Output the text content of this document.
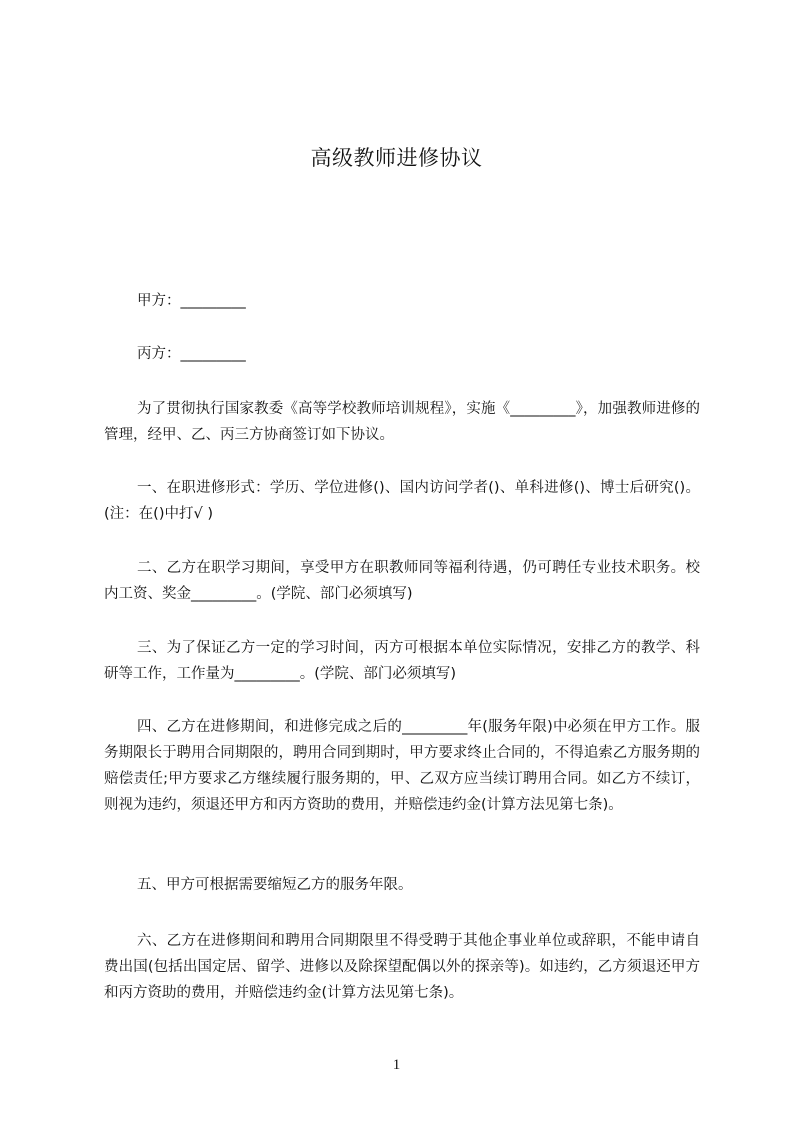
高级教师进修协议
甲方：_________
丙方：_________
为了贯彻执行国家教委《高等学校教师培训规程》，实施《_________》，加强教师进修的管理，经甲、乙、丙三方协商签订如下协议。
一、在职进修形式：学历、学位进修()、国内访问学者()、单科进修()、博士后研究()。(注：在()中打√ )
二、乙方在职学习期间，享受甲方在职教师同等福利待遇，仍可聘任专业技术职务。校内工资、奖金_________。(学院、部门必须填写)
三、为了保证乙方一定的学习时间，丙方可根据本单位实际情况，安排乙方的教学、科研等工作，工作量为_________。(学院、部门必须填写)
四、乙方在进修期间，和进修完成之后的_________年(服务年限)中必须在甲方工作。服务期限长于聘用合同期限的，聘用合同到期时，甲方要求终止合同的，不得追索乙方服务期的赔偿责任;甲方要求乙方继续履行服务期的，甲、乙双方应当续订聘用合同。如乙方不续订，则视为违约，须退还甲方和丙方资助的费用，并赔偿违约金(计算方法见第七条)。
五、甲方可根据需要缩短乙方的服务年限。
六、乙方在进修期间和聘用合同期限里不得受聘于其他企事业单位或辞职，不能申请自费出国(包括出国定居、留学、进修以及除探望配偶以外的探亲等)。如违约，乙方须退还甲方和丙方资助的费用，并赔偿违约金(计算方法见第七条)。
1
